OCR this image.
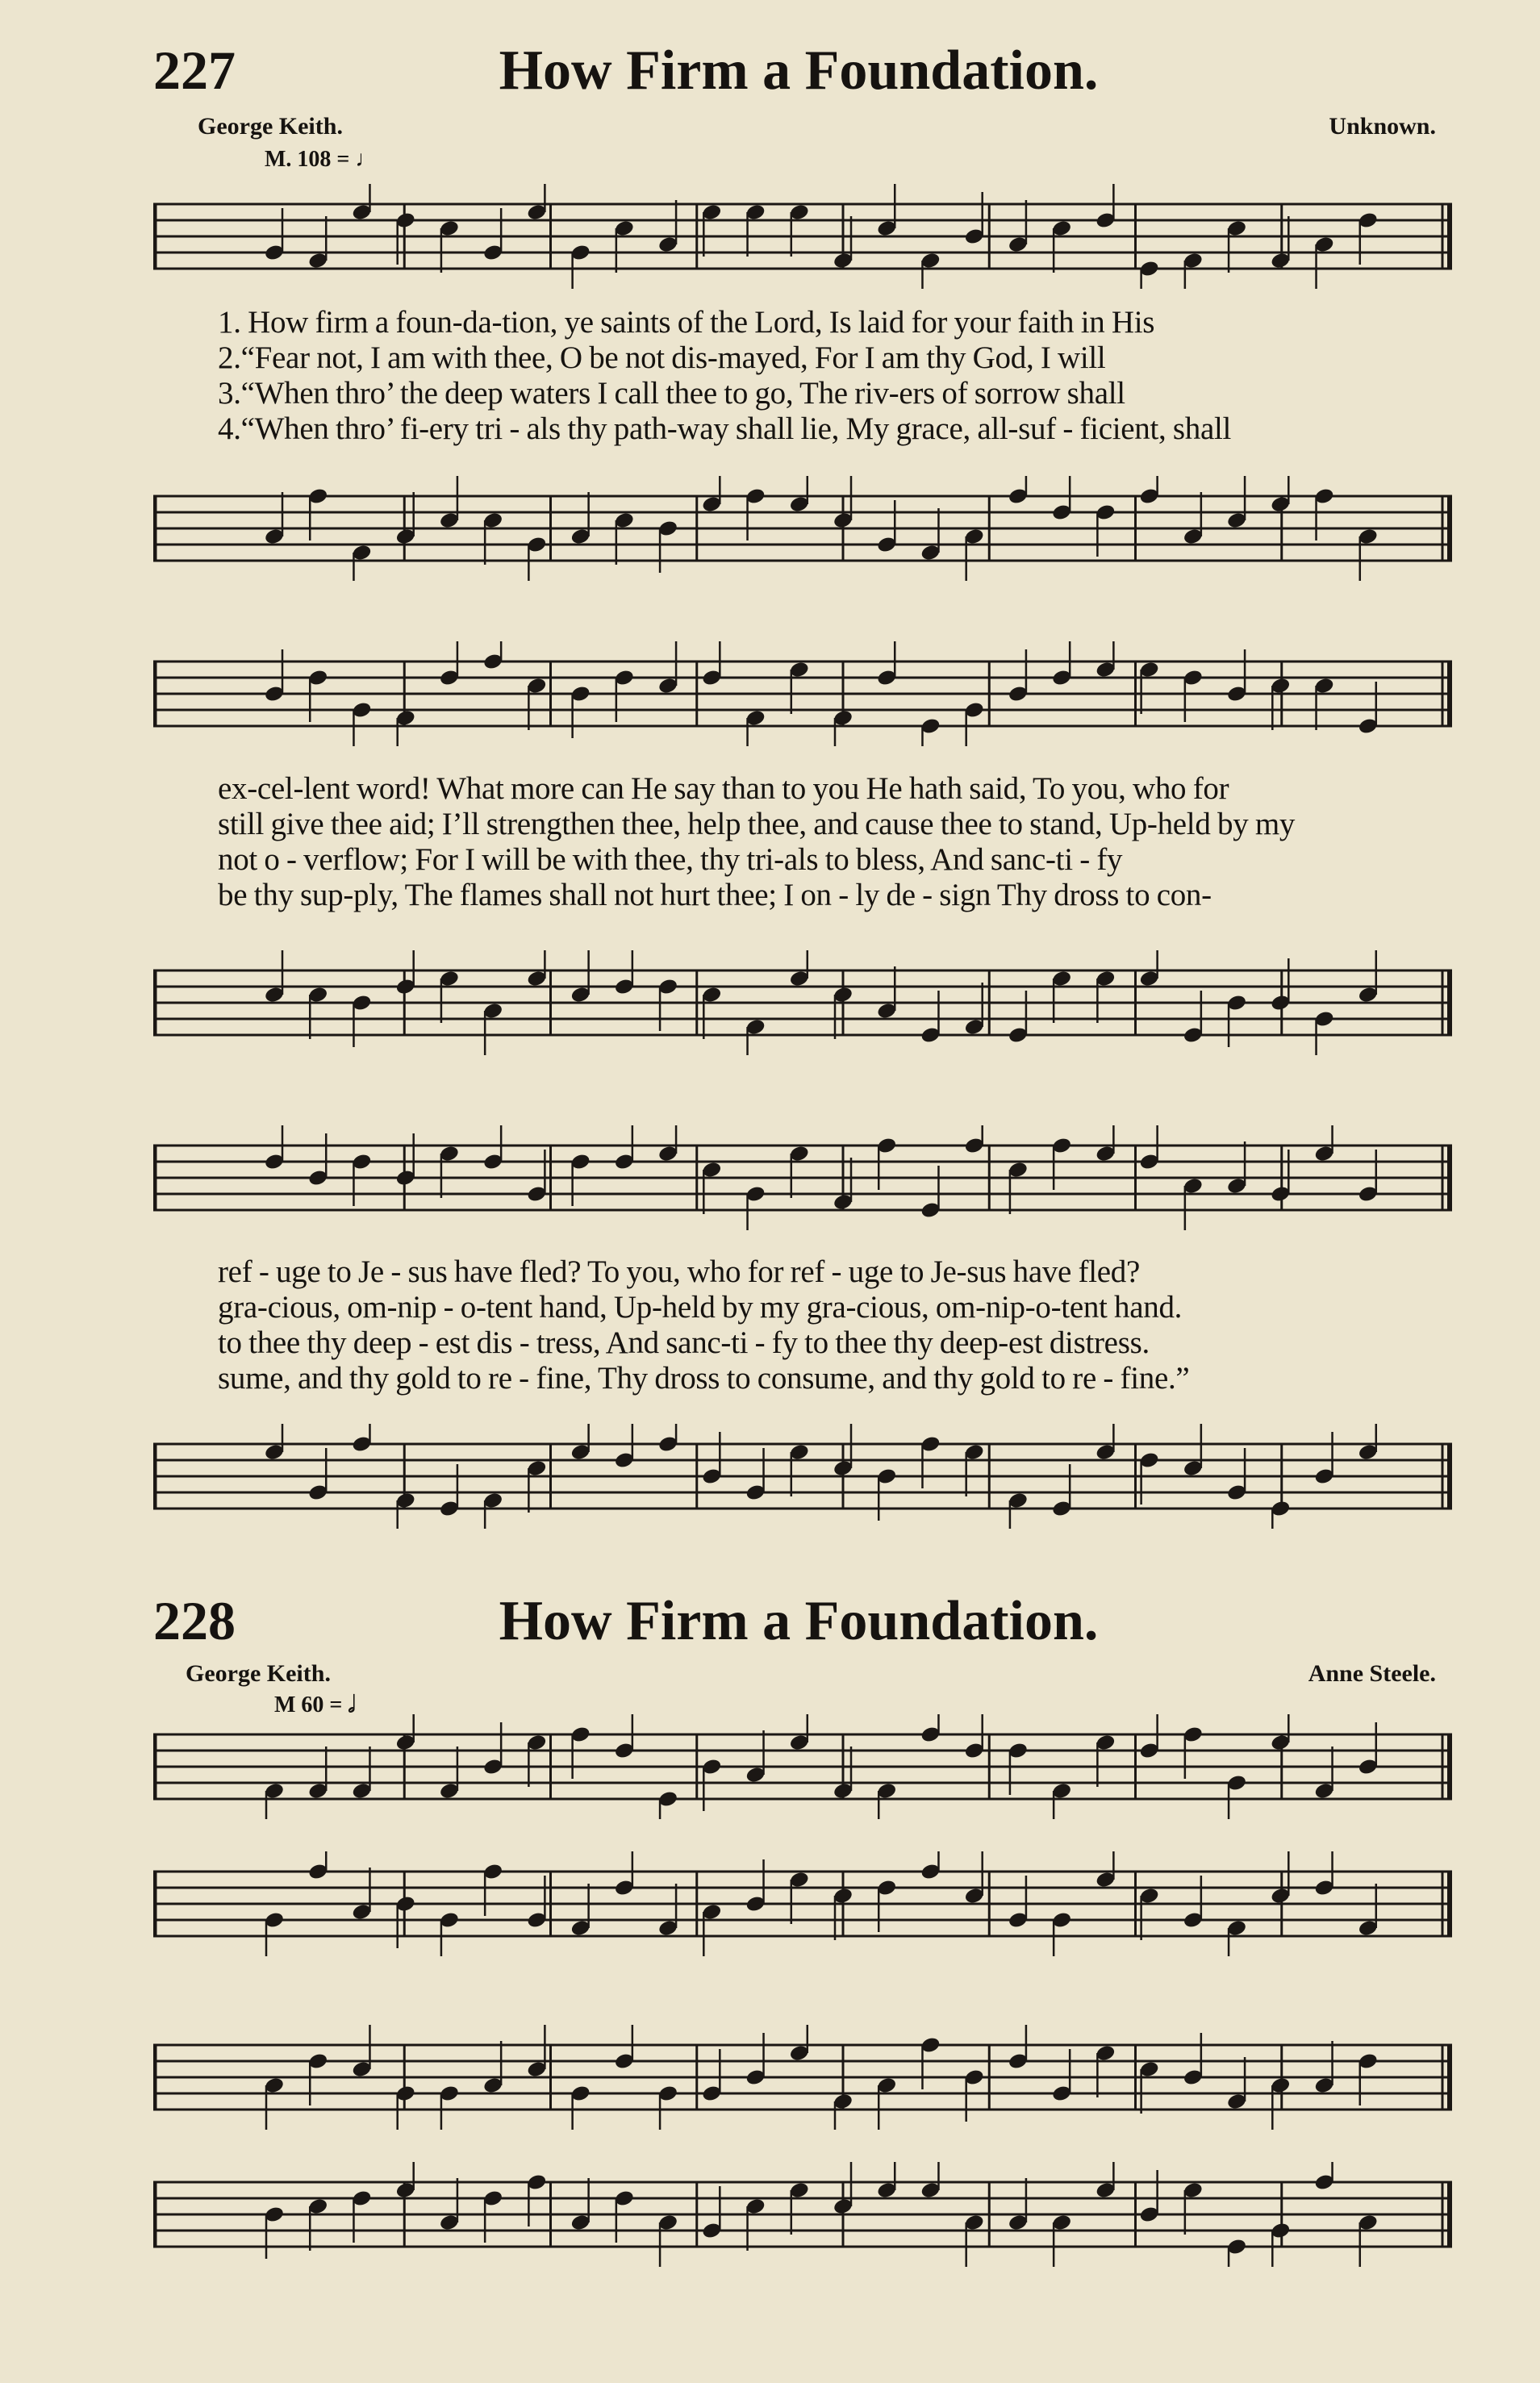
227	How Firm a Foundation.
George Keith.	Unknown.
M. 108 = ♩
1. How firm a foun-da-tion, ye saints of the Lord, Is laid for your faith in His
2.“Fear not, I am with thee, O be not dis-mayed, For I am thy God, I will
3.“When thro’ the deep waters I call thee to go, The riv-ers of sorrow shall
4.“When thro’ fi-ery tri - als thy path-way shall lie, My grace, all-suf - ficient, shall
ex-cel-lent word! What more can He say than to you He hath said, To you, who for
still give thee aid; I’ll strengthen thee, help thee, and cause thee to stand, Up-held by my
not o - verflow; For I will be with thee, thy tri-als to bless, And sanc-ti - fy
be thy sup-ply, The flames shall not hurt thee; I on - ly de - sign Thy dross to con-
ref - uge to Je - sus have fled? To you, who for ref - uge to Je-sus have fled?
gra-cious, om-nip - o-tent hand, Up-held by my gra-cious, om-nip-o-tent hand.
to thee thy deep - est dis - tress, And sanc-ti - fy to thee thy deep-est distress.
sume, and thy gold to re - fine, Thy dross to consume, and thy gold to re - fine.”
228	How Firm a Foundation.
George Keith.	Anne Steele.
M 60 = 𝅗𝅥
